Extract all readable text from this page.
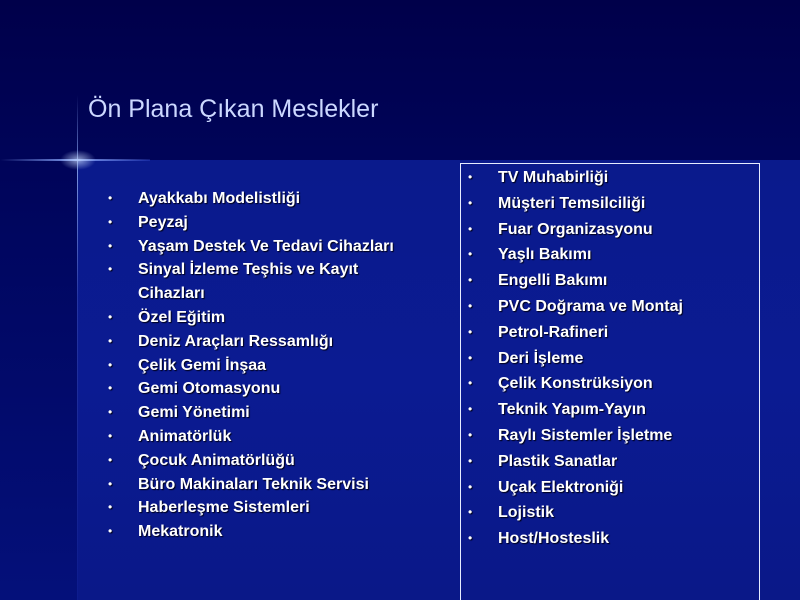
Ön Plana Çıkan Meslekler
• Ayakkabı Modelistliği
• Peyzaj
• Yaşam Destek Ve Tedavi Cihazları
• Sinyal İzleme Teşhis ve Kayıt Cihazları
• Özel Eğitim
• Deniz Araçları Ressamlığı
• Çelik Gemi İnşaa
• Gemi Otomasyonu
• Gemi Yönetimi
• Animatörlük
• Çocuk Animatörlüğü
• Büro Makinaları Teknik Servisi
• Haberleşme Sistemleri
• Mekatronik
• TV Muhabirliği
• Müşteri Temsilciliği
• Fuar Organizasyonu
• Yaşlı Bakımı
• Engelli Bakımı
• PVC Doğrama ve Montaj
• Petrol-Rafineri
• Deri İşleme
• Çelik Konstrüksiyon
• Teknik Yapım-Yayın
• Raylı Sistemler İşletme
• Plastik Sanatlar
• Uçak Elektroniği
• Lojistik
• Host/Hosteslik
